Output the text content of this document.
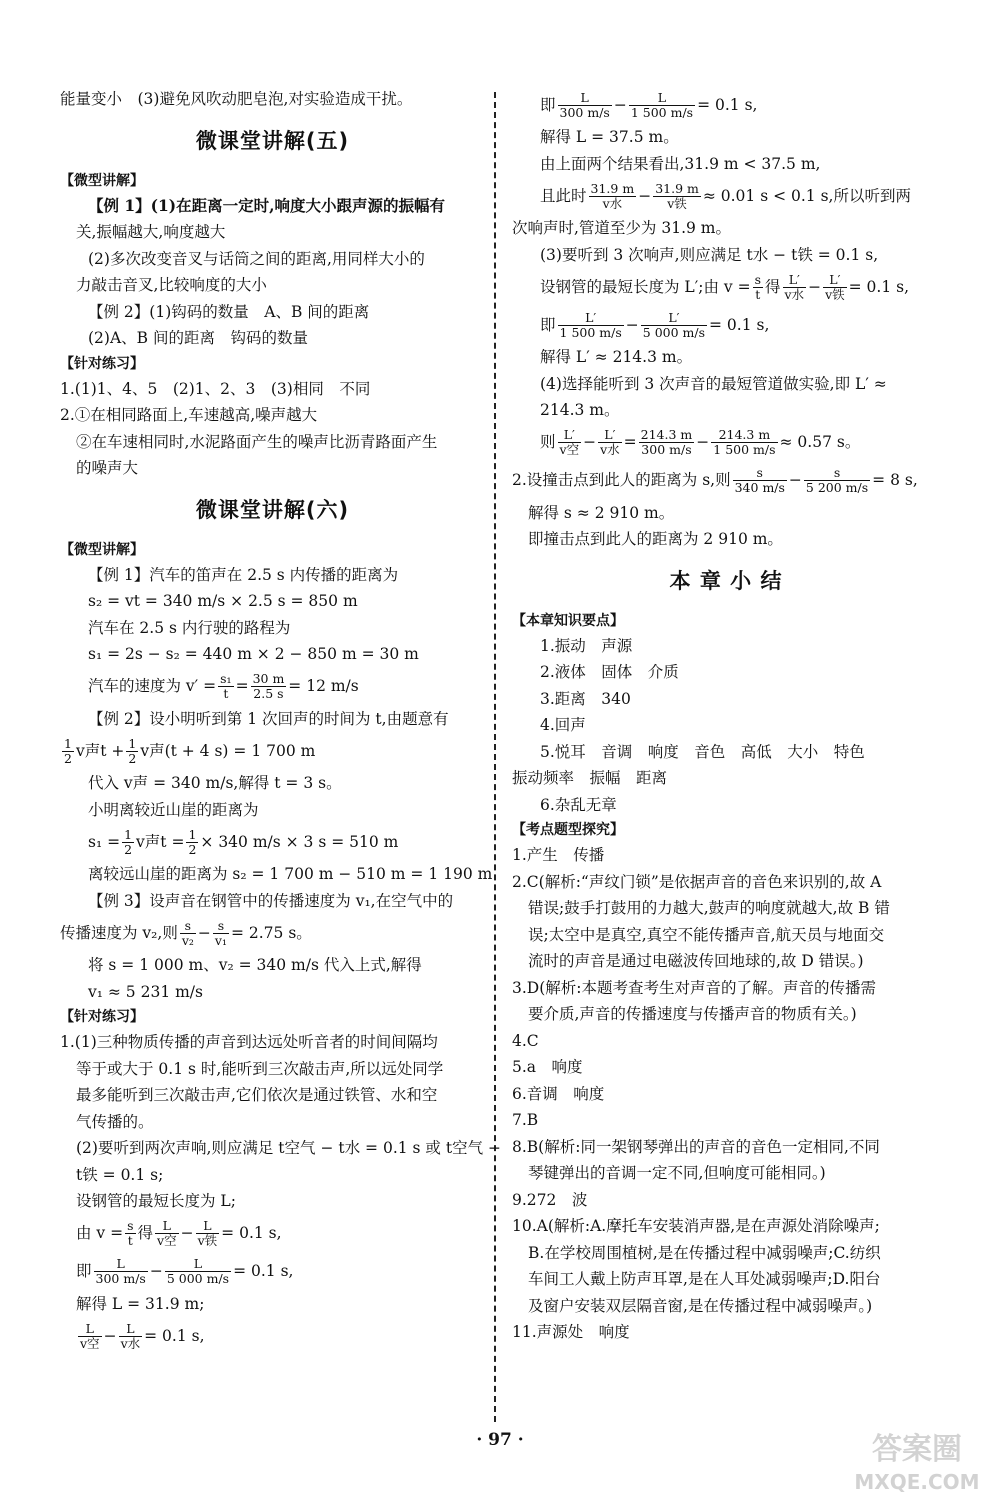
能量变小　(3)避免风吹动肥皂泡,对实验造成干扰。
微课堂讲解(五)
【微型讲解】
【例 1】(1)在距离一定时,响度大小跟声源的振幅有
关,振幅越大,响度越大
(2)多次改变音叉与话筒之间的距离,用同样大小的
力敲击音叉,比较响度的大小
【例 2】(1)钩码的数量　A、B 间的距离
(2)A、B 间的距离　钩码的数量
【针对练习】
1.(1)1、4、5　(2)1、2、3　(3)相同　不同
2.①在相同路面上,车速越高,噪声越大
②在车速相同时,水泥路面产生的噪声比沥青路面产生
的噪声大
微课堂讲解(六)
【微型讲解】
【例 1】汽车的笛声在 2.5 s 内传播的距离为
s₂ = vt = 340 m/s × 2.5 s = 850 m
汽车在 2.5 s 内行驶的路程为
s₁ = 2s − s₂ = 440 m × 2 − 850 m = 30 m
汽车的速度为 $v' = \frac{\text{s₁}}{t} = \frac{30 m}{2.5 s} = 12$ m/s
【例 2】设小明听到第 1 次回声的时间为 t,由题意有
$\frac{1}{2}$ v声$t + \frac{1}{2}$ v声(t + 4 s) = 1 700 m
代入 v声 = 340 m/s,解得 t = 3 s。
小明离较近山崖的距离为
$s_1 = \frac{1}{2}$ v声$t = \frac{1}{2} \times 340$ m/s × 3 s = 510 m
离较远山崖的距离为 s₂ = 1 700 m − 510 m = 1 190 m
【例 3】设声音在钢管中的传播速度为 v₁,在空气中的
传播速度为 v₂,则 $\frac{s}{\text{v₂}} - \frac{s}{\text{v₁}} = 2.75$ s。
将 s = 1 000 m、v₂ = 340 m/s 代入上式,解得
v₁ ≈ 5 231 m/s
【针对练习】
1.(1)三种物质传播的声音到达远处听音者的时间间隔均
等于或大于 0.1 s 时,能听到三次敲击声,所以远处同学
最多能听到三次敲击声,它们依次是通过铁管、水和空
气传播的。
(2)要听到两次声响,则应满足 t空气 − t水 = 0.1 s 或 t空气 −
t铁 = 0.1 s;
设钢管的最短长度为 L;
由 $v = \frac{s}{t}$ 得 $\frac{L}{\text{v空}} - \frac{L}{\text{v铁}} = 0.1$ s,
即 $\frac{L}{300 m/s} - \frac{L}{5 000 m/s} = 0.1$ s,
解得 L = 31.9 m;
$\frac{L}{\text{v空}} - \frac{L}{\text{v水}} = 0.1$ s,
即 $\frac{L}{300 m/s} - \frac{L}{1 500 m/s} = 0.1$ s,
解得 L = 37.5 m。
由上面两个结果看出,31.9 m < 37.5 m,
且此时 $\frac{31.9 m}{\text{v水}} - \frac{31.9 m}{\text{v铁}} \approx 0.01$ s < 0.1 s,所以听到两
次响声时,管道至少为 31.9 m。
(3)要听到 3 次响声,则应满足 t水 − t铁 = 0.1 s,
设钢管的最短长度为 L′;由 $v = \frac{s}{t}$ 得 $\frac{L'}{\text{v水}} - \frac{L'}{\text{v铁}} = 0.1$ s,
即 $\frac{L'}{1 500 m/s} - \frac{L'}{5 000 m/s} = 0.1$ s,
解得 L′ ≈ 214.3 m。
(4)选择能听到 3 次声音的最短管道做实验,即 L′ ≈
214.3 m。
则 $\frac{L'}{\text{v空}} - \frac{L'}{\text{v水}} = \frac{214.3 m}{300 m/s} - \frac{214.3 m}{1 500 m/s} \approx 0.57$ s。
2.设撞击点到此人的距离为 s,则 $\frac{s}{340 m/s} - \frac{s}{5 200 m/s} = 8$ s,
解得 s ≈ 2 910 m。
即撞击点到此人的距离为 2 910 m。
本 章 小 结
【本章知识要点】
1.振动　声源
2.液体　固体　介质
3.距离　340
4.回声
5.悦耳　音调　响度　音色　高低　大小　特色
振动频率　振幅　距离
6.杂乱无章
【考点题型探究】
1.产生　传播
2.C(解析:“声纹门锁”是依据声音的音色来识别的,故 A
错误;鼓手打鼓用的力越大,鼓声的响度就越大,故 B 错
误;太空中是真空,真空不能传播声音,航天员与地面交
流时的声音是通过电磁波传回地球的,故 D 错误。)
3.D(解析:本题考查考生对声音的了解。声音的传播需
要介质,声音的传播速度与传播声音的物质有关。)
4.C
5.a　响度
6.音调　响度
7.B
8.B(解析:同一架钢琴弹出的声音的音色一定相同,不同
琴键弹出的音调一定不同,但响度可能相同。)
9.272　波
10.A(解析:A.摩托车安装消声器,是在声源处消除噪声;
B.在学校周围植树,是在传播过程中减弱噪声;C.纺织
车间工人戴上防声耳罩,是在人耳处减弱噪声;D.阳台
及窗户安装双层隔音窗,是在传播过程中减弱噪声。)
11.声源处　响度
· 97 ·	答案圈
MXQE.COM
